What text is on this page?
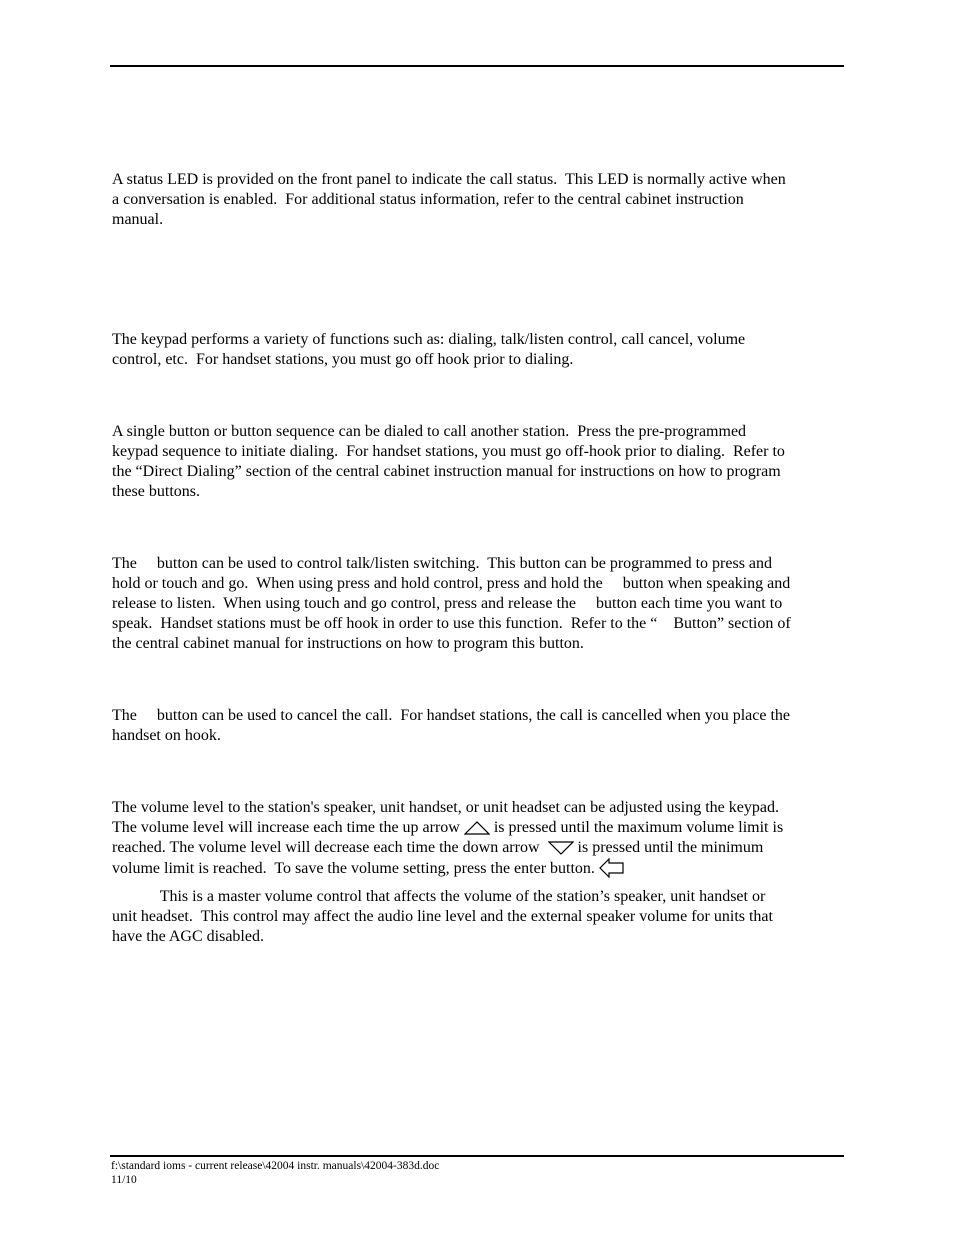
A status LED is provided on the front panel to indicate the call status.  This LED is normally active when
a conversation is enabled.  For additional status information, refer to the central cabinet instruction
manual.

The keypad performs a variety of functions such as: dialing, talk/listen control, call cancel, volume
control, etc.  For handset stations, you must go off hook prior to dialing.

A single button or button sequence can be dialed to call another station.  Press the pre-programmed
keypad sequence to initiate dialing.  For handset stations, you must go off-hook prior to dialing.  Refer to
the “Direct Dialing” section of the central cabinet instruction manual for instructions on how to program
these buttons.

The     button can be used to control talk/listen switching.  This button can be programmed to press and
hold or touch and go.  When using press and hold control, press and hold the     button when speaking and
release to listen.  When using touch and go control, press and release the     button each time you want to
speak.  Handset stations must be off hook in order to use this function.  Refer to the “    Button” section of
the central cabinet manual for instructions on how to program this button.

The     button can be used to cancel the call.  For handset stations, the call is cancelled when you place the
handset on hook.

The volume level to the station's speaker, unit handset, or unit headset can be adjusted using the keypad.
The volume level will increase each time the up arrow  is pressed until the maximum volume limit is
reached. The volume level will decrease each time the down arrow   is pressed until the minimum
volume limit is reached.  To save the volume setting, press the enter button.

This is a master volume control that affects the volume of the station’s speaker, unit handset or
unit headset.  This control may affect the audio line level and the external speaker volume for units that
have the AGC disabled.

f:\standard ioms - current release\42004 instr. manuals\42004-383d.doc
11/10
